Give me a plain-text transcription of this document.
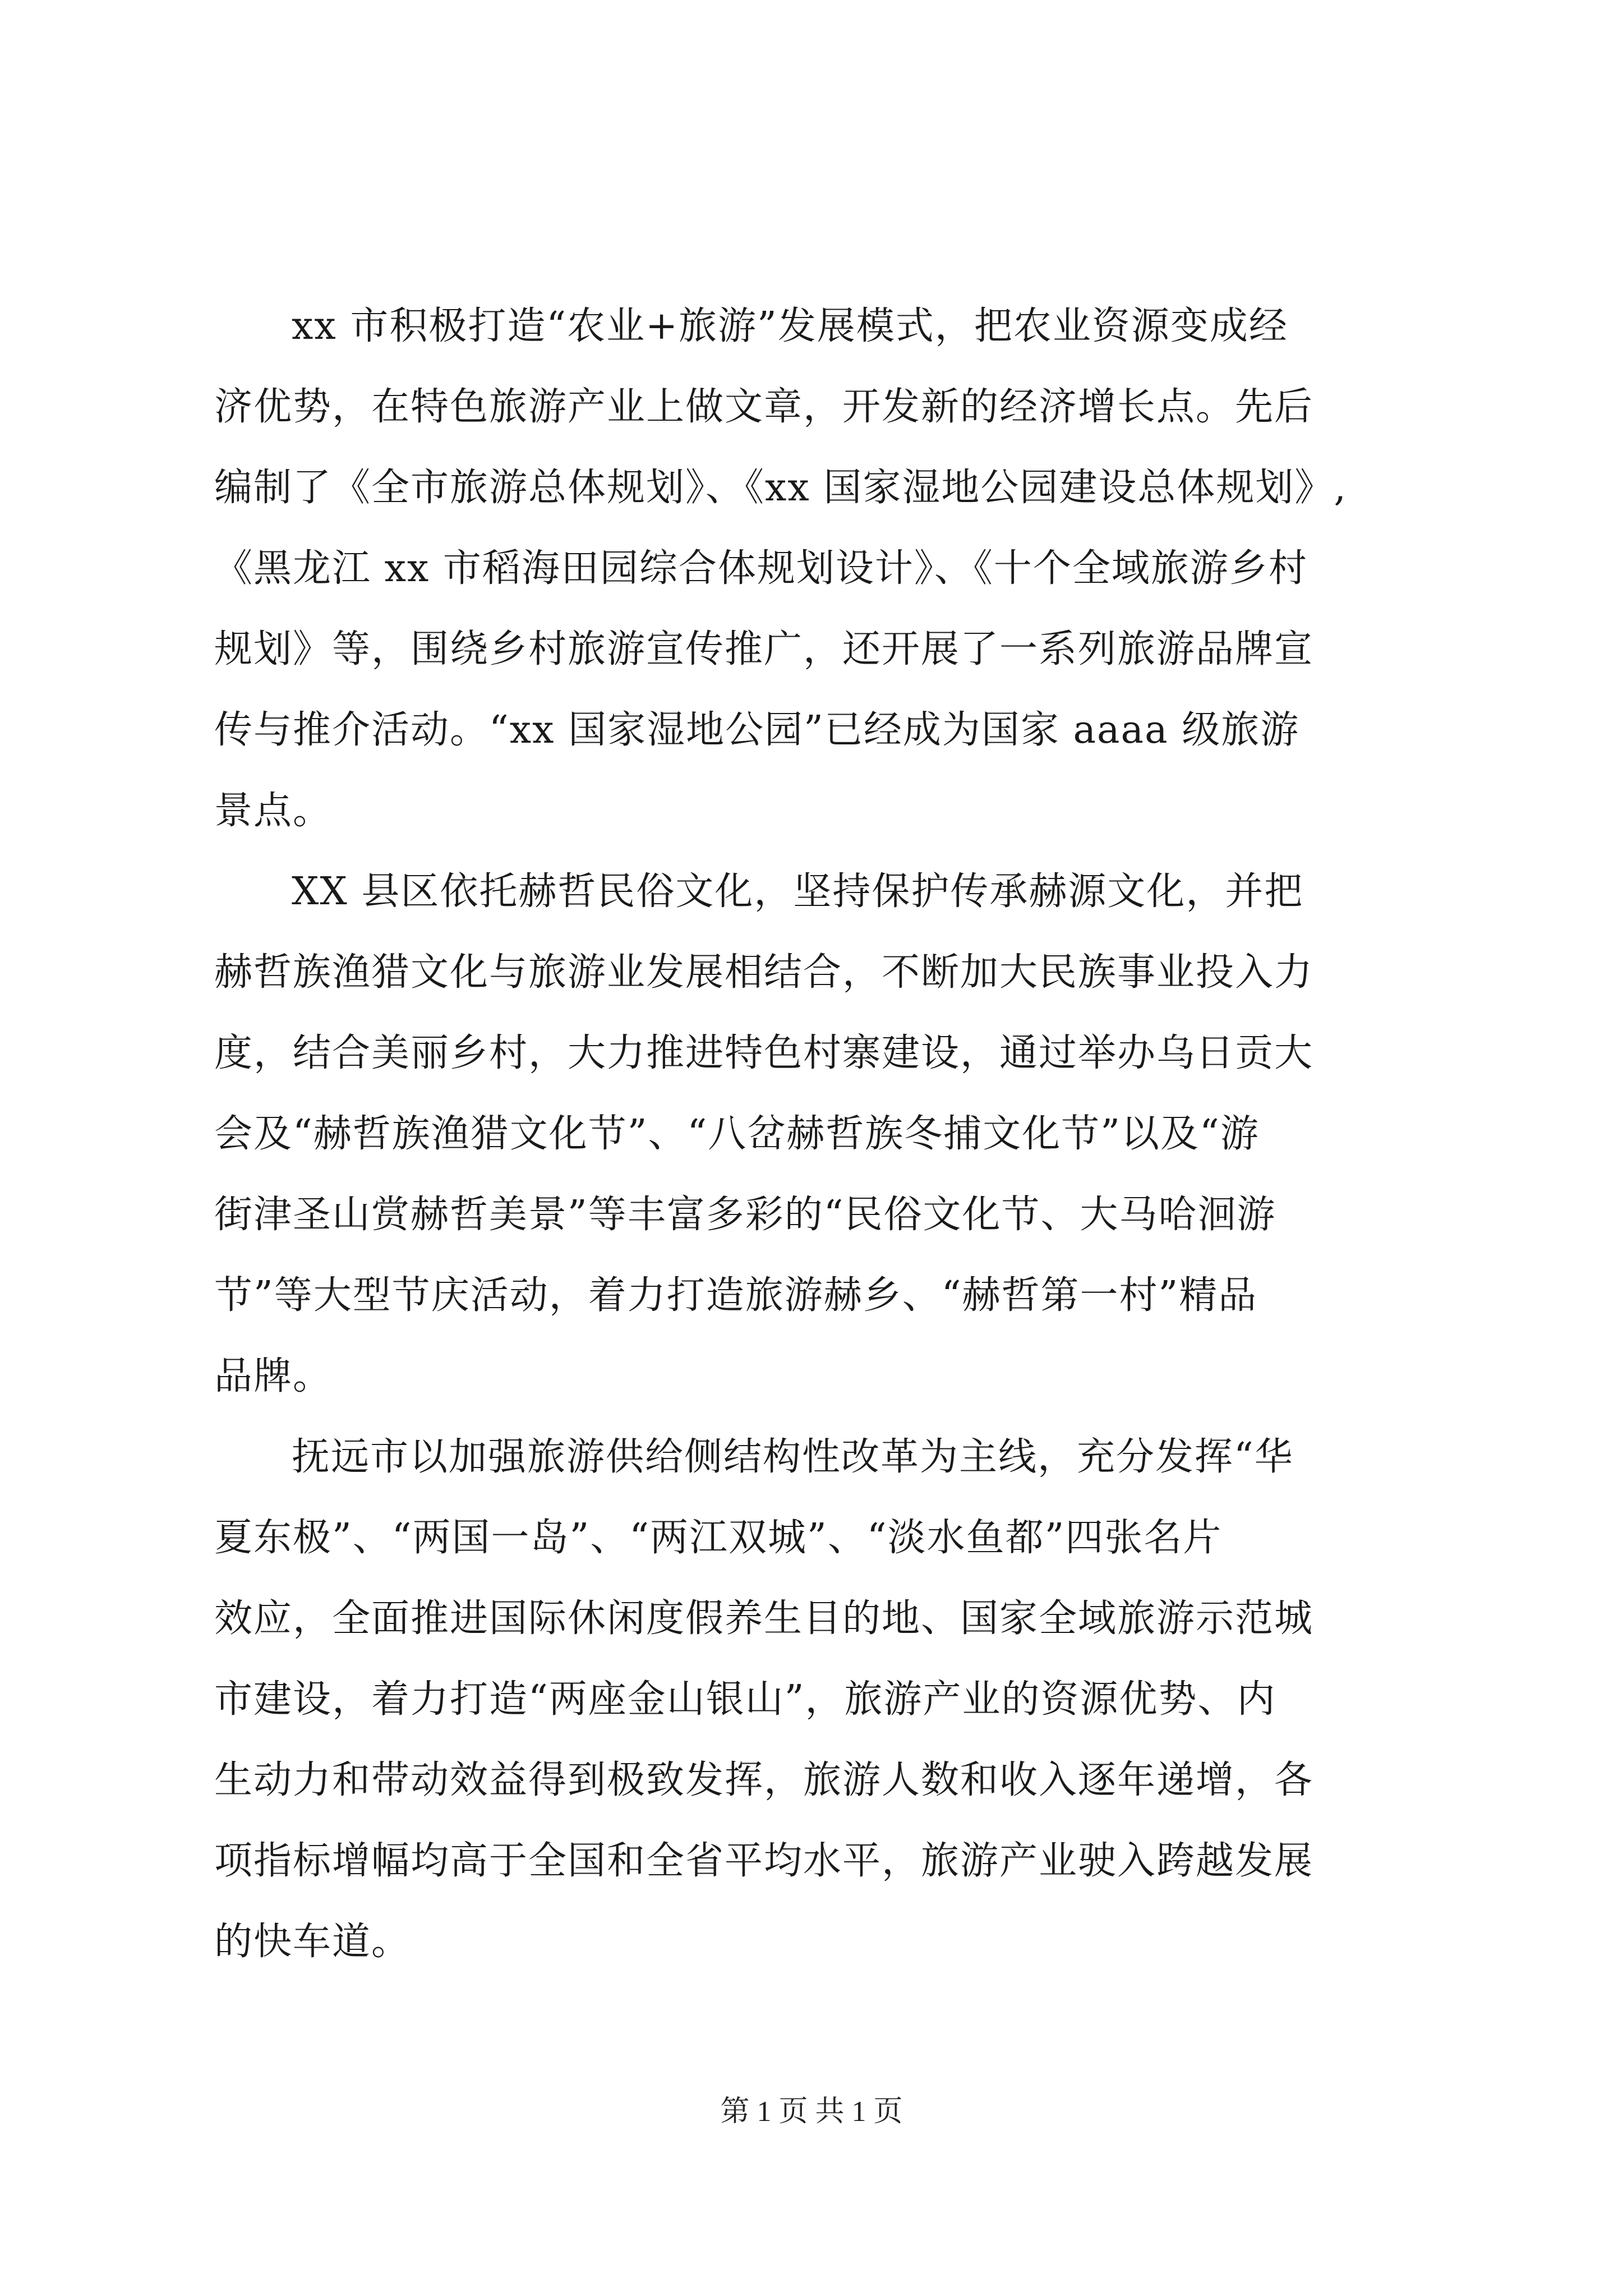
xx 市积极打造“农业+旅游”发展模式，把农业资源变成经
济优势，在特色旅游产业上做文章，开发新的经济增长点。先后
编制了《全市旅游总体规划》、《xx 国家湿地公园建设总体规划》,
《黑龙江 xx 市稻海田园综合体规划设计》、《十个全域旅游乡村
规划》等，围绕乡村旅游宣传推广，还开展了一系列旅游品牌宣
传与推介活动。“xx 国家湿地公园”已经成为国家 aaaa 级旅游
景点。
XX 县区依托赫哲民俗文化，坚持保护传承赫源文化，并把
赫哲族渔猎文化与旅游业发展相结合，不断加大民族事业投入力
度，结合美丽乡村，大力推进特色村寨建设，通过举办乌日贡大
会及“赫哲族渔猎文化节”、“八岔赫哲族冬捕文化节”以及“游
街津圣山赏赫哲美景”等丰富多彩的“民俗文化节、大马哈洄游
节”等大型节庆活动，着力打造旅游赫乡、“赫哲第一村”精品
品牌。
抚远市以加强旅游供给侧结构性改革为主线，充分发挥“华
夏东极”、“两国一岛”、“两江双城”、“淡水鱼都”四张名片
效应，全面推进国际休闲度假养生目的地、国家全域旅游示范城
市建设，着力打造“两座金山银山”，旅游产业的资源优势、内
生动力和带动效益得到极致发挥，旅游人数和收入逐年递增，各
项指标增幅均高于全国和全省平均水平，旅游产业驶入跨越发展
的快车道。
第 1 页 共 1 页
